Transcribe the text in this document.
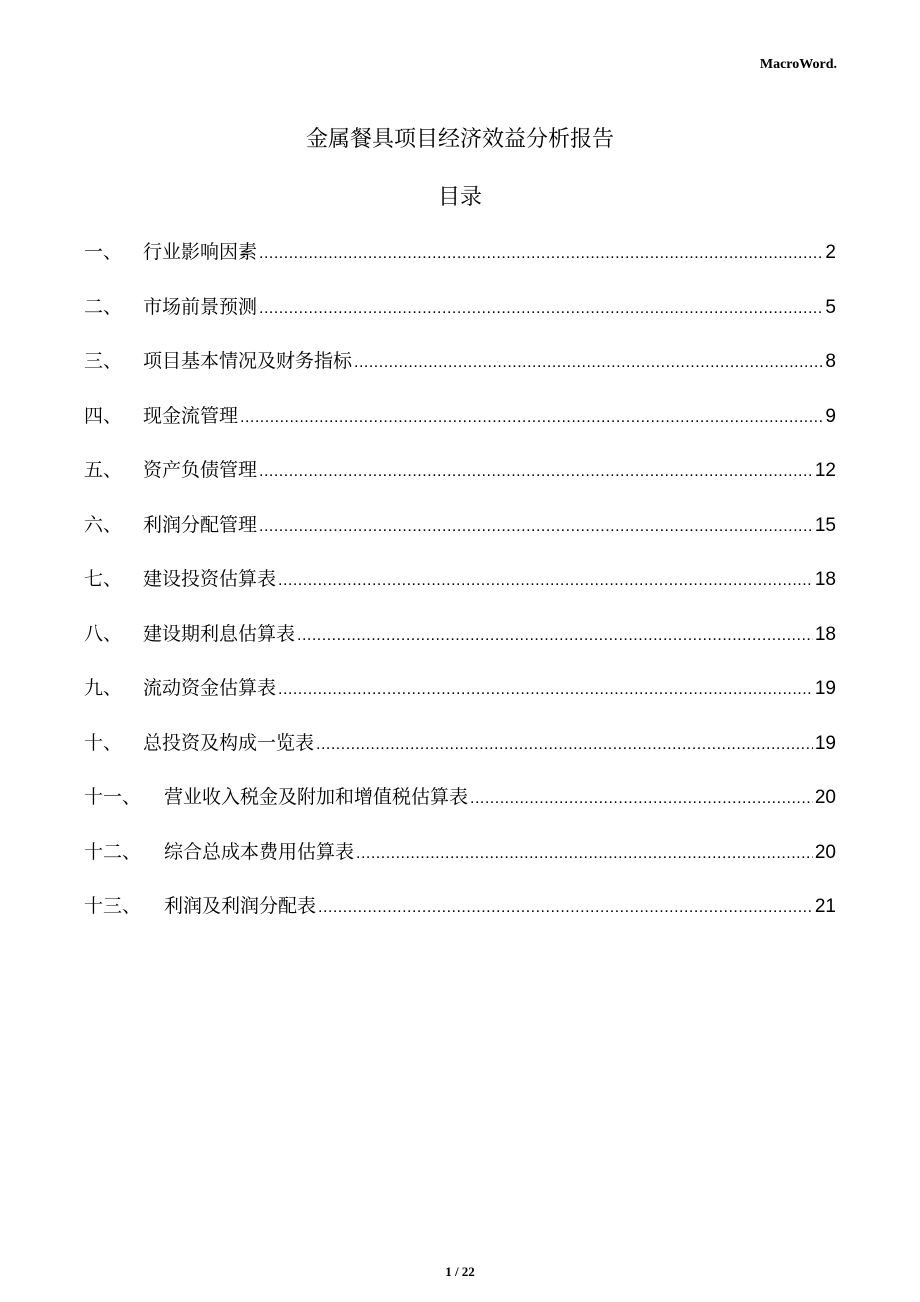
MacroWord.
金属餐具项目经济效益分析报告
目录
一、	行业影响因素 .....	2
二、	市场前景预测 .....	5
三、	项目基本情况及财务指标 .....	8
四、	现金流管理 .....	9
五、	资产负债管理 .....	12
六、	利润分配管理 .....	15
七、	建设投资估算表 .....	18
八、	建设期利息估算表 .....	18
九、	流动资金估算表 .....	19
十、	总投资及构成一览表 .....	19
十一、	营业收入税金及附加和增值税估算表 .....	20
十二、	综合总成本费用估算表 .....	20
十三、	利润及利润分配表 .....	21
1 / 22
